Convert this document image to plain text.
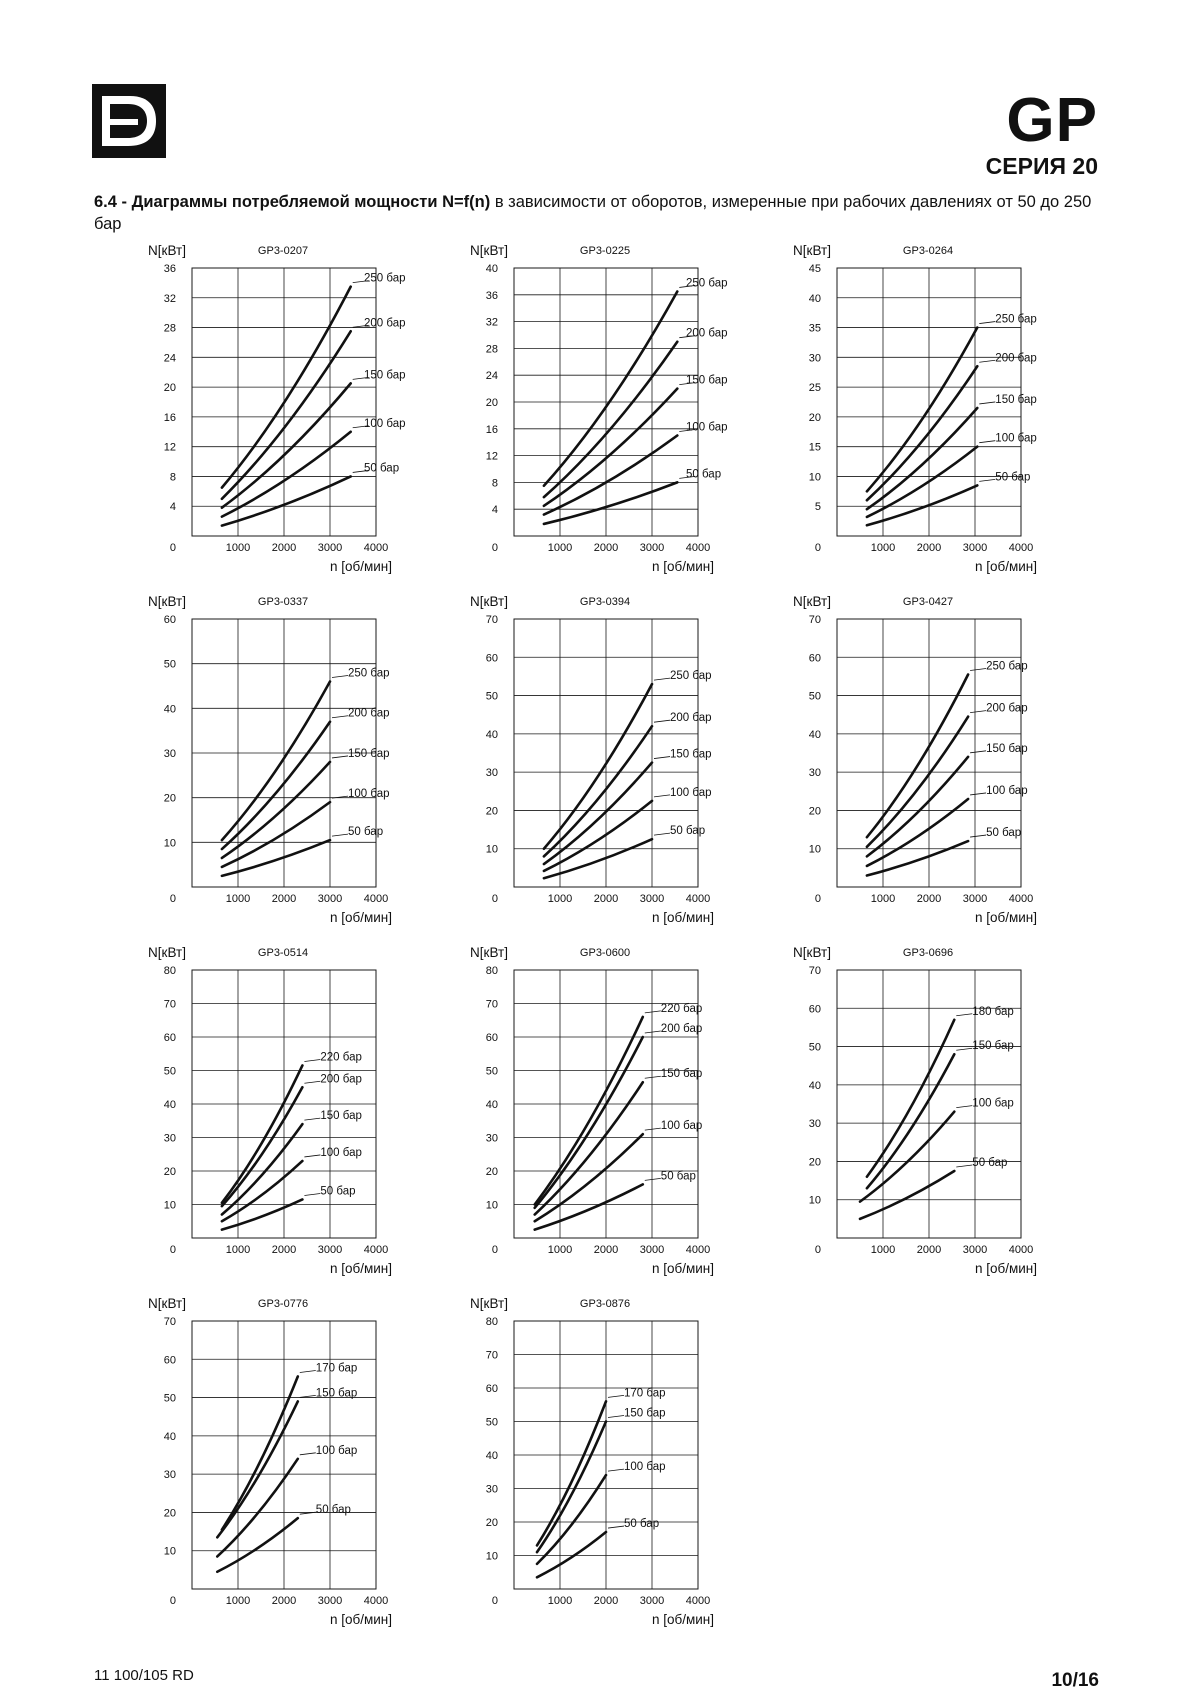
GP
СЕРИЯ 20
6.4 - Диаграммы потребляемой мощности N=f(n) в зависимости от оборотов, измеренные при рабочих давлениях от 50 до 250 бар
4
8
12
16
20
24
28
32
36
0	1000 2000 3000 4000
N[кВт]	GP3-0207
n [об/мин]
250 бар
200 бар
150 бар
100 бар
50 бар
4
8
12
16
20
24
28
32
36
40
0	1000 2000 3000 4000
N[кВт]	GP3-0225
n [об/мин]
250 бар
200 бар
150 бар
100 бар
50 бар
5
10
15
20
25
30
35
40
45
0	1000 2000 3000 4000
N[кВт]	GP3-0264
n [об/мин]
250 бар
200 бар
150 бар
100 бар
50 бар
10
20
30
40
50
60
0	1000 2000 3000 4000
N[кВт]	GP3-0337
n [об/мин]
250 бар
200 бар
150 бар
100 бар
50 бар
10
20
30
40
50
60
70
0	1000 2000 3000 4000
N[кВт]	GP3-0394
n [об/мин]
250 бар
200 бар
150 бар
100 бар
50 бар
10
20
30
40
50
60
70
0	1000 2000 3000 4000
N[кВт]	GP3-0427
n [об/мин]
250 бар
200 бар
150 бар
100 бар
50 бар
10
20
30
40
50
60
70
80
0	1000 2000 3000 4000
N[кВт]	GP3-0514
n [об/мин]
220 бар
200 бар
150 бар
100 бар
50 бар
10
20
30
40
50
60
70
80
0	1000 2000 3000 4000
N[кВт]	GP3-0600
n [об/мин]
220 бар
200 бар
150 бар
100 бар
50 бар
10
20
30
40
50
60
70
0	1000 2000 3000 4000
N[кВт]	GP3-0696
n [об/мин]
180 бар
150 бар
100 бар
50 бар
10
20
30
40
50
60
70
0	1000 2000 3000 4000
N[кВт]	GP3-0776
n [об/мин]
170 бар
150 бар
100 бар
50 бар
10
20
30
40
50
60
70
80
0	1000 2000 3000 4000
N[кВт]	GP3-0876
n [об/мин]
170 бар
150 бар
100 бар
50 бар
11 100/105 RD	10/16
